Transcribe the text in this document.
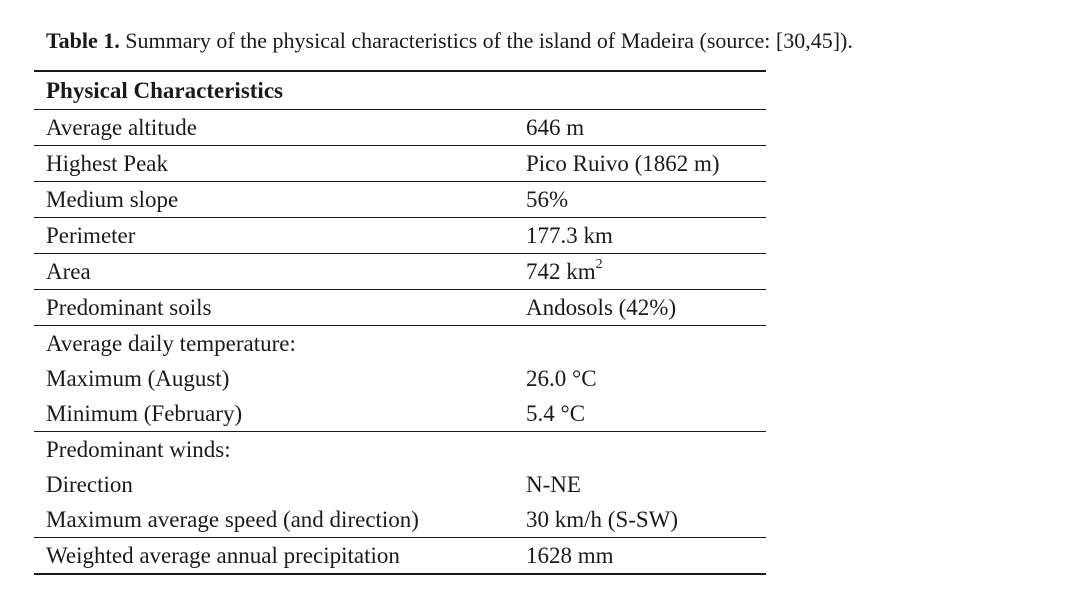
Table 1. Summary of the physical characteristics of the island of Madeira (source: [30,45]).
Physical Characteristics	
Average altitude	646 m
Highest Peak	Pico Ruivo (1862 m)
Medium slope	56%
Perimeter	177.3 km
Area	742 $km^2$
Predominant soils	Andosols (42%)
Average daily temperature:	
Maximum (August)	26.0 °C
Minimum (February)	5.4 °C
Predominant winds:	
Direction	N-NE
Maximum average speed (and direction)	30 km/h (S-SW)
Weighted average annual precipitation	1628 mm
